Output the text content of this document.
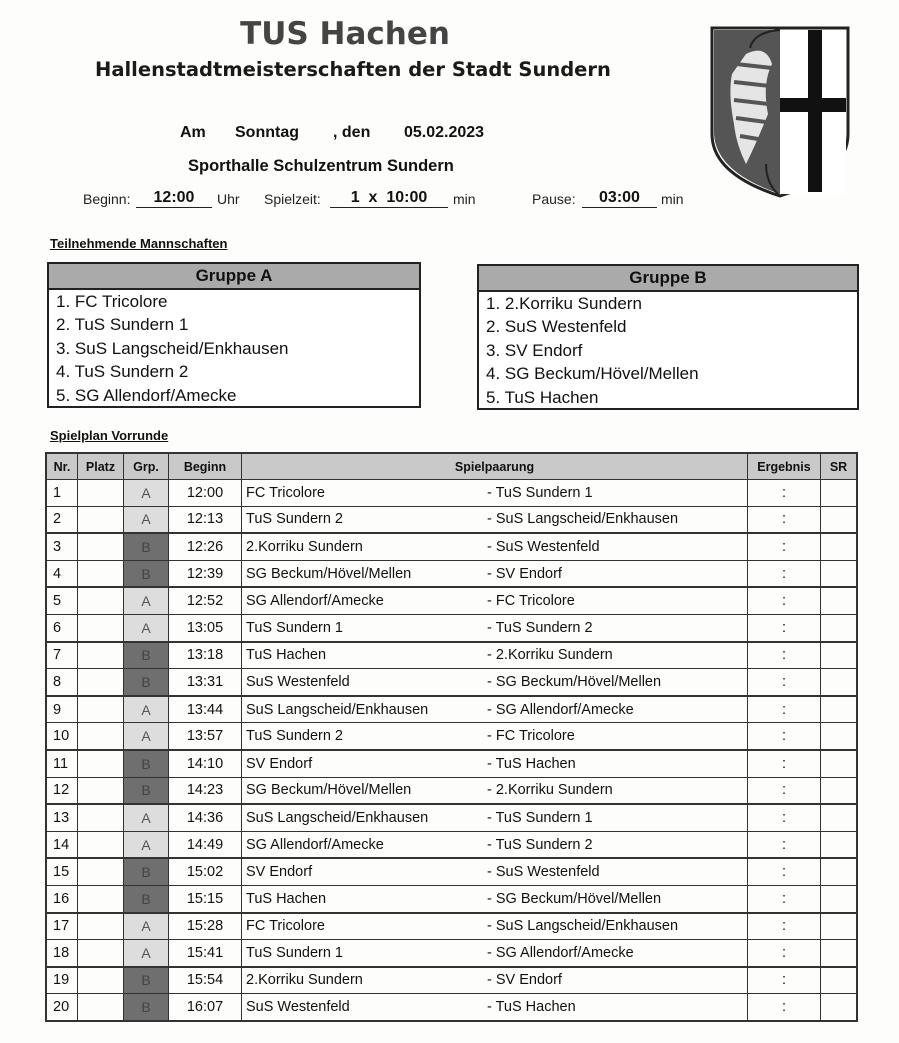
TUS Hachen
Hallenstadtmeisterschaften der Stadt Sundern
Am Sonntag , den 05.02.2023
Sporthalle Schulzentrum Sundern
Beginn:	12:00	Uhr Spielzeit:	1  x  10:00	min	Pause:	03:00	min
Teilnehmende Mannschaften
Gruppe A
1. FC Tricolore
2. TuS Sundern 1
3. SuS Langscheid/Enkhausen
4. TuS Sundern 2
5. SG Allendorf/Amecke
Gruppe B
1. 2.Korriku Sundern
2. SuS Westenfeld
3. SV Endorf
4. SG Beckum/Hövel/Mellen
5. TuS Hachen
Spielplan Vorrunde
Nr.	Platz	Grp.	Beginn	Spielpaarung	Ergebnis	SR
1		A	12:00	FC Tricolore - TuS Sundern 1	:	
2		A	12:13	TuS Sundern 2 - SuS Langscheid/Enkhausen	:	
3		B	12:26	2.Korriku Sundern - SuS Westenfeld	:	
4		B	12:39	SG Beckum/Hövel/Mellen - SV Endorf	:	
5		A	12:52	SG Allendorf/Amecke - FC Tricolore	:	
6		A	13:05	TuS Sundern 1 - TuS Sundern 2	:	
7		B	13:18	TuS Hachen - 2.Korriku Sundern	:	
8		B	13:31	SuS Westenfeld - SG Beckum/Hövel/Mellen	:	
9		A	13:44	SuS Langscheid/Enkhausen - SG Allendorf/Amecke	:	
10		A	13:57	TuS Sundern 2 - FC Tricolore	:	
11		B	14:10	SV Endorf - TuS Hachen	:	
12		B	14:23	SG Beckum/Hövel/Mellen - 2.Korriku Sundern	:	
13		A	14:36	SuS Langscheid/Enkhausen - TuS Sundern 1	:	
14		A	14:49	SG Allendorf/Amecke - TuS Sundern 2	:	
15		B	15:02	SV Endorf - SuS Westenfeld	:	
16		B	15:15	TuS Hachen - SG Beckum/Hövel/Mellen	:	
17		A	15:28	FC Tricolore - SuS Langscheid/Enkhausen	:	
18		A	15:41	TuS Sundern 1 - SG Allendorf/Amecke	:	
19		B	15:54	2.Korriku Sundern - SV Endorf	:	
20		B	16:07	SuS Westenfeld - TuS Hachen	:	
